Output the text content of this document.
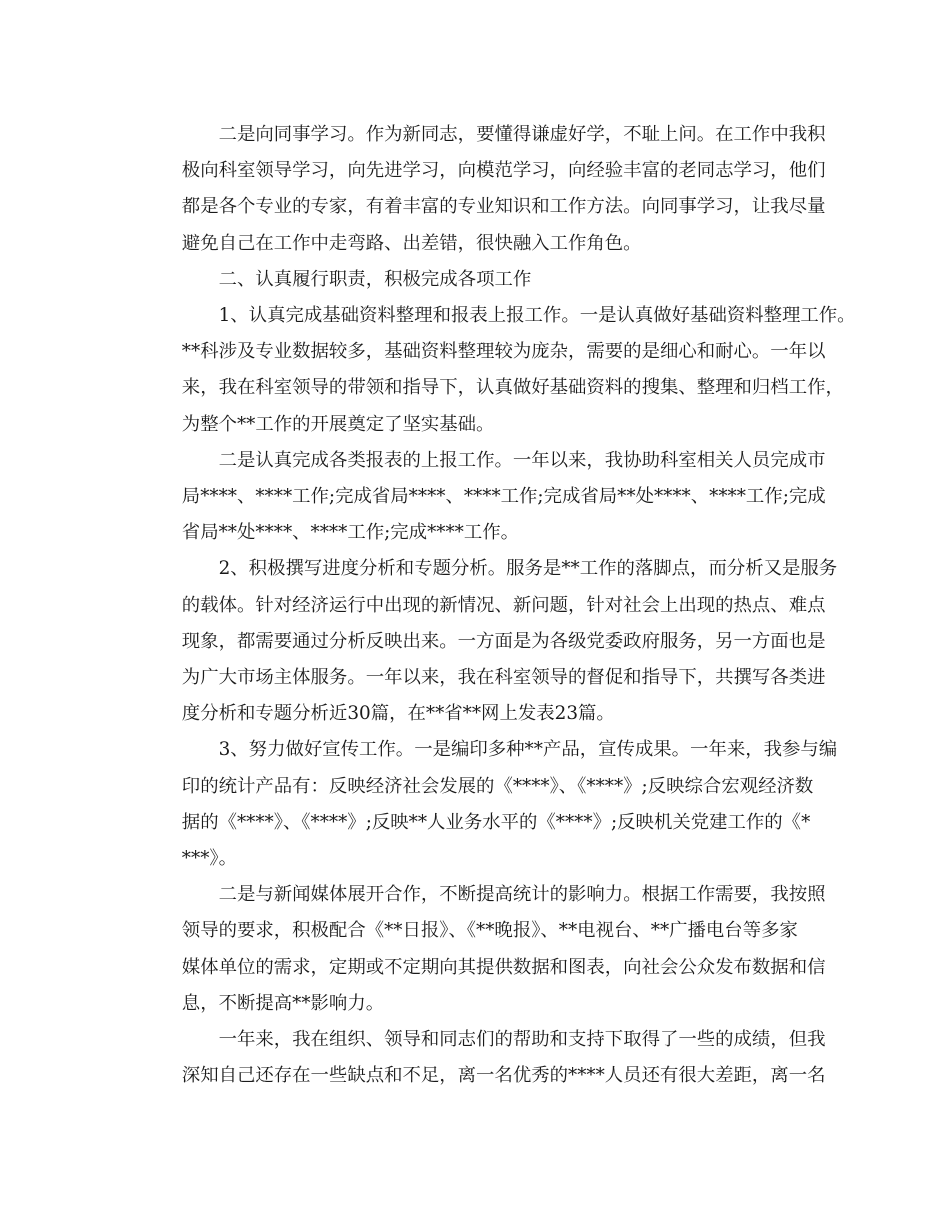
二是向同事学习。作为新同志，要懂得谦虚好学，不耻上问。在工作中我积
极向科室领导学习，向先进学习，向模范学习，向经验丰富的老同志学习，他们
都是各个专业的专家，有着丰富的专业知识和工作方法。向同事学习，让我尽量
避免自己在工作中走弯路、出差错，很快融入工作角色。
二、认真履行职责，积极完成各项工作
1、认真完成基础资料整理和报表上报工作。一是认真做好基础资料整理工作。
**科涉及专业数据较多，基础资料整理较为庞杂，需要的是细心和耐心。一年以
来，我在科室领导的带领和指导下，认真做好基础资料的搜集、整理和归档工作，
为整个**工作的开展奠定了坚实基础。
二是认真完成各类报表的上报工作。一年以来，我协助科室相关人员完成市
局****、****工作;完成省局****、****工作;完成省局**处****、****工作;完成
省局**处****、****工作;完成****工作。
2、积极撰写进度分析和专题分析。服务是**工作的落脚点，而分析又是服务
的载体。针对经济运行中出现的新情况、新问题，针对社会上出现的热点、难点
现象，都需要通过分析反映出来。一方面是为各级党委政府服务，另一方面也是
为广大市场主体服务。一年以来，我在科室领导的督促和指导下，共撰写各类进
度分析和专题分析近30篇，在**省**网上发表23篇。
3、努力做好宣传工作。一是编印多种**产品，宣传成果。一年来，我参与编
印的统计产品有：反映经济社会发展的《****》、《****》;反映综合宏观经济数
据的《****》、《****》;反映**人业务水平的《****》;反映机关党建工作的《*
***》。
二是与新闻媒体展开合作，不断提高统计的影响力。根据工作需要，我按照
领导的要求，积极配合《**日报》、《**晚报》、**电视台、**广播电台等多家
媒体单位的需求，定期或不定期向其提供数据和图表，向社会公众发布数据和信
息，不断提高**影响力。
一年来，我在组织、领导和同志们的帮助和支持下取得了一些的成绩，但我
深知自己还存在一些缺点和不足，离一名优秀的****人员还有很大差距，离一名
